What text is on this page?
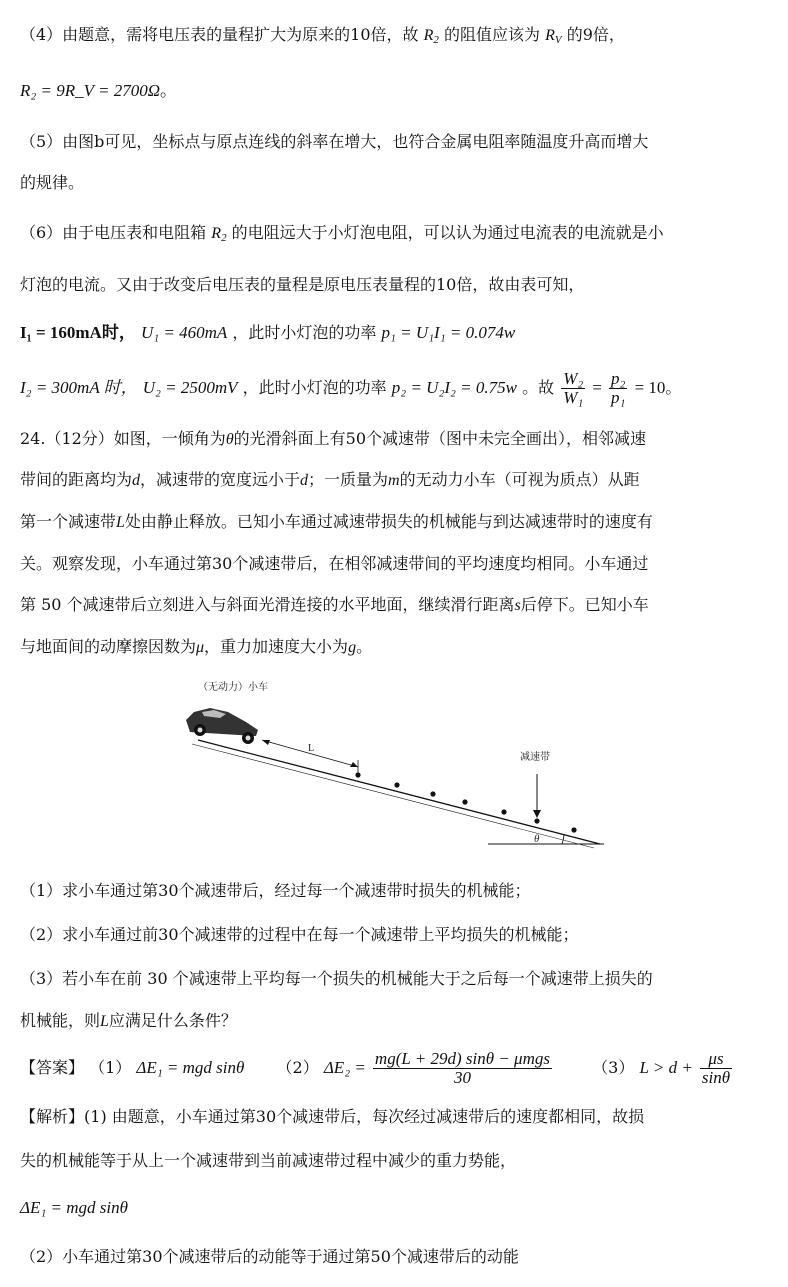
（4）由题意，需将电压表的量程扩大为原来的10倍，故 $R_2$ 的阻值应该为 $R_V$ 的9倍，
R₂ = 9R_V = 2700Ω。
（5）由图b可见，坐标点与原点连线的斜率在增大，也符合金属电阻率随温度升高而增大
的规律。
（6）由于电压表和电阻箱 $R_2$ 的电阻远大于小灯泡电阻，可以认为通过电流表的电流就是小
灯泡的电流。又由于改变后电压表的量程是原电压表量程的10倍，故由表可知，
I₁ = 160mA时， U₁ = 460mA ，此时小灯泡的功率 p₁ = U₁I₁ = 0.074w
I₂ = 300mA 时， U₂ = 2500mV ，此时小灯泡的功率 p₂ = U₂I₂ = 0.75w 。故 $\frac{\text{W₂}}{\text{W₁}} = \frac{\text{p₂}}{\text{p₁}} = 10$。
24.（12分）如图，一倾角为θ的光滑斜面上有50个减速带（图中未完全画出），相邻减速
带间的距离均为d，减速带的宽度远小于d；一质量为m的无动力小车（可视为质点）从距
第一个减速带L处由静止释放。已知小车通过减速带损失的机械能与到达减速带时的速度有
关。观察发现，小车通过第30个减速带后，在相邻减速带间的平均速度均相同。小车通过
第 50 个减速带后立刻进入与斜面光滑连接的水平地面，继续滑行距离s后停下。已知小车
与地面间的动摩擦因数为μ，重力加速度大小为g。
（无动力）小车
θ
L
减速带
（1）求小车通过第30个减速带后，经过每一个减速带时损失的机械能；
（2）求小车通过前30个减速带的过程中在每一个减速带上平均损失的机械能；
（3）若小车在前 30 个减速带上平均每一个损失的机械能大于之后每一个减速带上损失的
机械能，则L应满足什么条件？
【答案】 （1） ΔE₁ = mgd sinθ （2） $\Delta E_2 = \frac{\text{mg(L + 29d) sinθ − μmgs}}{30}$	（3） $L > d + \frac{\mu s}{\sin\theta}$
【解析】(1) 由题意，小车通过第30个减速带后，每次经过减速带后的速度都相同，故损
失的机械能等于从上一个减速带到当前减速带过程中减少的重力势能，
ΔE₁ = mgd sinθ
（2）小车通过第30个减速带后的动能等于通过第50个减速带后的动能
